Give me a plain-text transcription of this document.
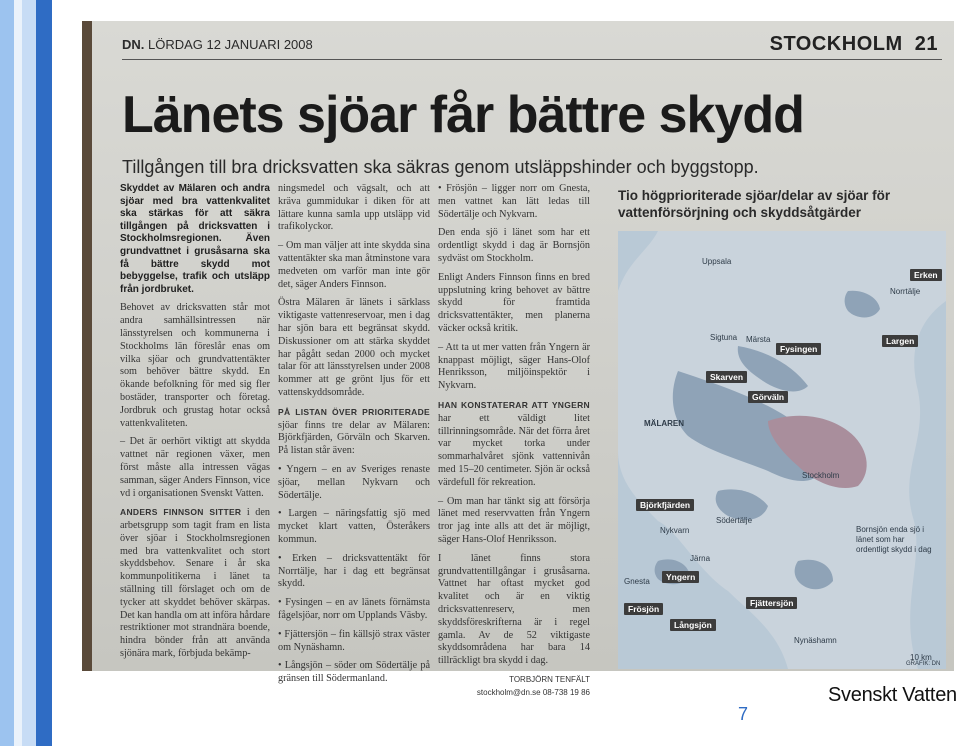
DN. LÖRDAG 12 JANUARI 2008	STOCKHOLM 21
Länets sjöar får bättre skydd
Tillgången till bra dricksvatten ska säkras genom utsläppshinder och byggstopp.

Skyddet av Mälaren och andra sjöar med bra vattenkvalitet ska stärkas för att säkra tillgången på dricksvatten i Stockholmsregionen. Även grundvattnet i grusåsarna ska få bättre skydd mot bebyggelse, trafik och utsläpp från jordbruket.

Behovet av dricksvatten står mot andra samhällsintressen när länsstyrelsen och kommunerna i Stockholms län föreslår enas om vilka sjöar och grundvattentäkter som behöver bättre skydd. En ökande befolkning för med sig fler bostäder, transporter och företag. Jordbruk och grustag hotar också vattenkvaliteten.

– Det är oerhört viktigt att skydda vattnet när regionen växer, men först måste alla intressen vägas samman, säger Anders Finnson, vice vd i organisationen Svenskt Vatten.

ANDERS FINNSON SITTER i den arbetsgrupp som tagit fram en lista över sjöar i Stockholmsregionen med bra vattenkvalitet och stort skyddsbehov. Senare i år ska kommunpolitikerna i länet ta ställning till förslaget och om de tycker att skyddet behöver skärpas. Det kan handla om att införa hårdare restriktioner mot strandnära boende, hindra bönder från att använda sjönära mark, förbjuda bekämp-

ningsmedel och vägsalt, och att kräva gummidukar i diken för att lättare kunna samla upp utsläpp vid trafikolyckor.

– Om man väljer att inte skydda sina vattentäkter ska man åtminstone vara medveten om varför man inte gör det, säger Anders Finnson.

Östra Mälaren är länets i särklass viktigaste vattenreservoar, men i dag har sjön bara ett begränsat skydd. Diskussioner om att stärka skyddet har pågått sedan 2000 och mycket talar för att länsstyrelsen under 2008 kommer att ge grönt ljus för ett vattenskyddsområde.

PÅ LISTAN ÖVER PRIORITERADE sjöar finns tre delar av Mälaren: Björkfjärden, Görväln och Skarven. På listan står även:

• Yngern – en av Sveriges renaste sjöar, mellan Nykvarn och Södertälje.

• Largen – näringsfattig sjö med mycket klart vatten, Österåkers kommun.

• Erken – dricksvattentäkt för Norrtälje, har i dag ett begränsat skydd.

• Fysingen – en av länets förnämsta fågelsjöar, norr om Upplands Väsby.

• Fjättersjön – fin källsjö strax väster om Nynäshamn.

• Långsjön – söder om Södertälje på gränsen till Södermanland.

• Frösjön – ligger norr om Gnesta, men vattnet kan lätt ledas till Södertälje och Nykvarn.

Den enda sjö i länet som har ett ordentligt skydd i dag är Bornsjön sydväst om Stockholm.

Enligt Anders Finnson finns en bred uppslutning kring behovet av bättre skydd för framtida dricksvattentäkter, men planerna väcker också kritik.

– Att ta ut mer vatten från Yngern är knappast möjligt, säger Hans-Olof Henriksson, miljöinspektör i Nykvarn.

HAN KONSTATERAR ATT YNGERN har ett väldigt litet tillrinningsområde. När det förra året var mycket torka under sommarhalvåret sjönk vattennivån med 15–20 centimeter. Sjön är också värdefull för rekreation.

– Om man har tänkt sig att försörja länet med reservvatten från Yngern tror jag inte alls att det är möjligt, säger Hans-Olof Henriksson.

I länet finns stora grundvattentillgångar i grusåsarna. Vattnet har oftast mycket god kvalitet och är en viktig dricksvattenreserv, men skyddsföreskrifterna är i regel gamla. Av de 52 viktigaste skyddsområdena har bara 14 tillräckligt bra skydd i dag.

TORBJÖRN TENFÄLT
stockholm@dn.se 08-738 19 86
Tio högprioriterade sjöar/delar av sjöar för vattenförsörjning och skyddsåtgärder
Uppsala
Norrtälje
Sigtuna Märsta
MÄLAREN
Stockholm
Södertälje
Nykvarn
Järna
Gnesta
Nynäshamn
Erken
Fysingen
Largen
Skarven
Görväln
Björkfjärden
Yngern
Frösjön
Långsjön
Fjättersjön
Bornsjön enda sjö i länet som har ordentligt skydd i dag
10 km
GRAFIK: DN
7
Svenskt Vatten
